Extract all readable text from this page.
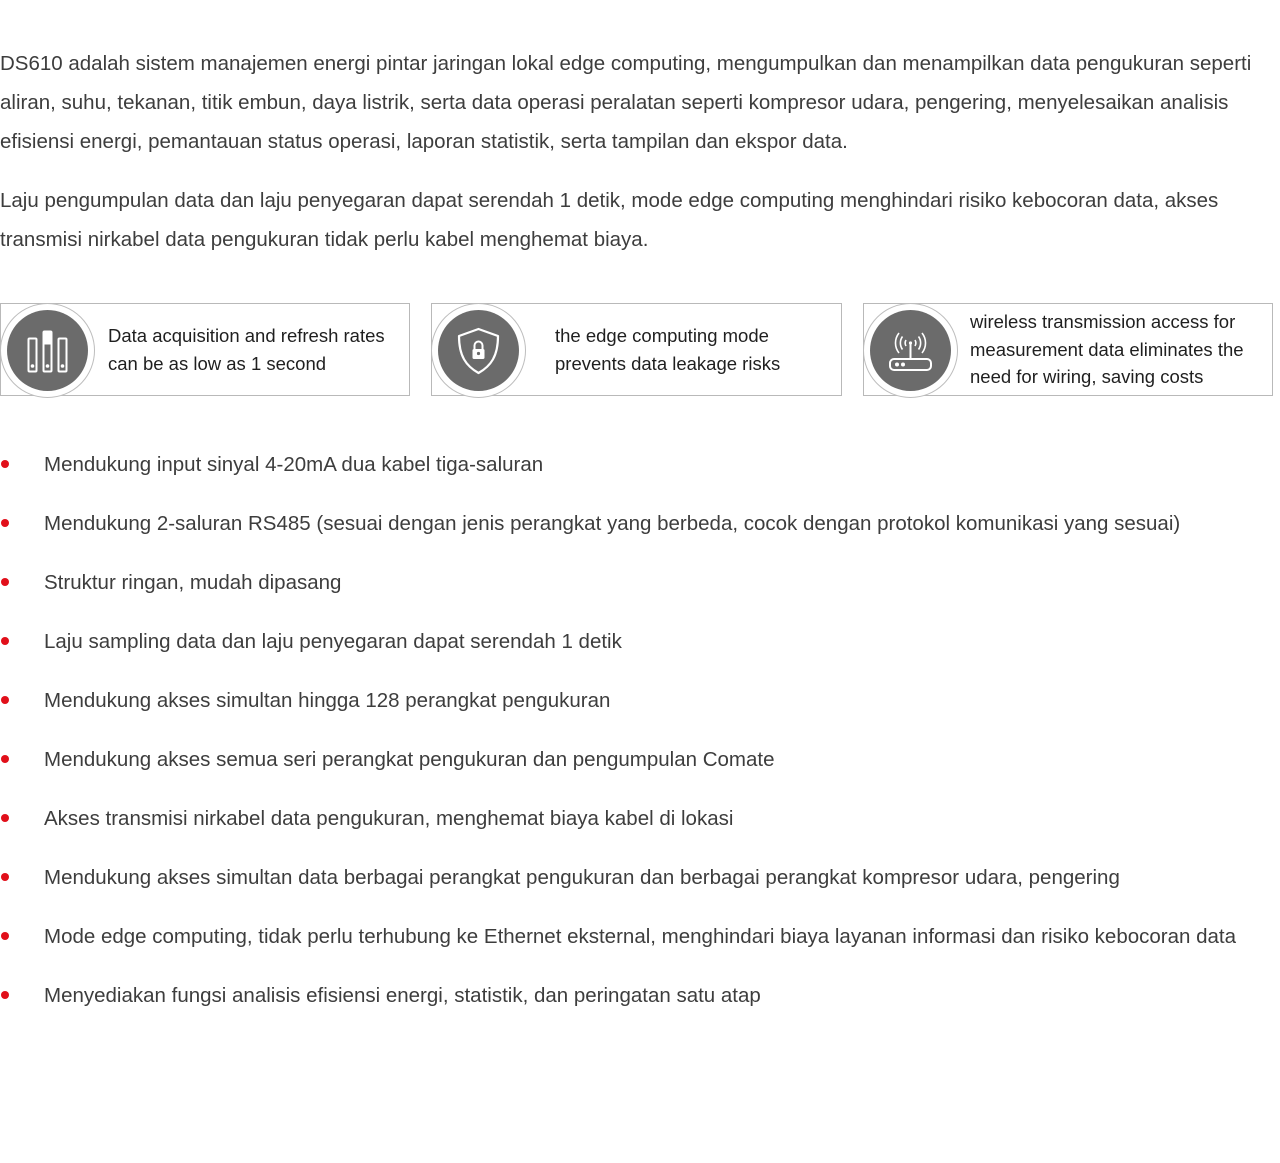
DS610 adalah sistem manajemen energi pintar jaringan lokal edge computing, mengumpulkan dan menampilkan data pengukuran seperti aliran, suhu, tekanan, titik embun, daya listrik, serta data operasi peralatan seperti kompresor udara, pengering, menyelesaikan analisis efisiensi energi, pemantauan status operasi, laporan statistik, serta tampilan dan ekspor data.

Laju pengumpulan data dan laju penyegaran dapat serendah 1 detik, mode edge computing menghindari risiko kebocoran data, akses transmisi nirkabel data pengukuran tidak perlu kabel menghemat biaya.

Data acquisition and refresh rates can be as low as 1 second
the edge computing mode prevents data leakage risks
wireless transmission access for measurement data eliminates the need for wiring, saving costs
Mendukung input sinyal 4-20mA dua kabel tiga-saluran
Mendukung 2-saluran RS485 (sesuai dengan jenis perangkat yang berbeda, cocok dengan protokol komunikasi yang sesuai)
Struktur ringan, mudah dipasang
Laju sampling data dan laju penyegaran dapat serendah 1 detik
Mendukung akses simultan hingga 128 perangkat pengukuran
Mendukung akses semua seri perangkat pengukuran dan pengumpulan Comate
Akses transmisi nirkabel data pengukuran, menghemat biaya kabel di lokasi
Mendukung akses simultan data berbagai perangkat pengukuran dan berbagai perangkat kompresor udara, pengering
Mode edge computing, tidak perlu terhubung ke Ethernet eksternal, menghindari biaya layanan informasi dan risiko kebocoran data
Menyediakan fungsi analisis efisiensi energi, statistik, dan peringatan satu atap
